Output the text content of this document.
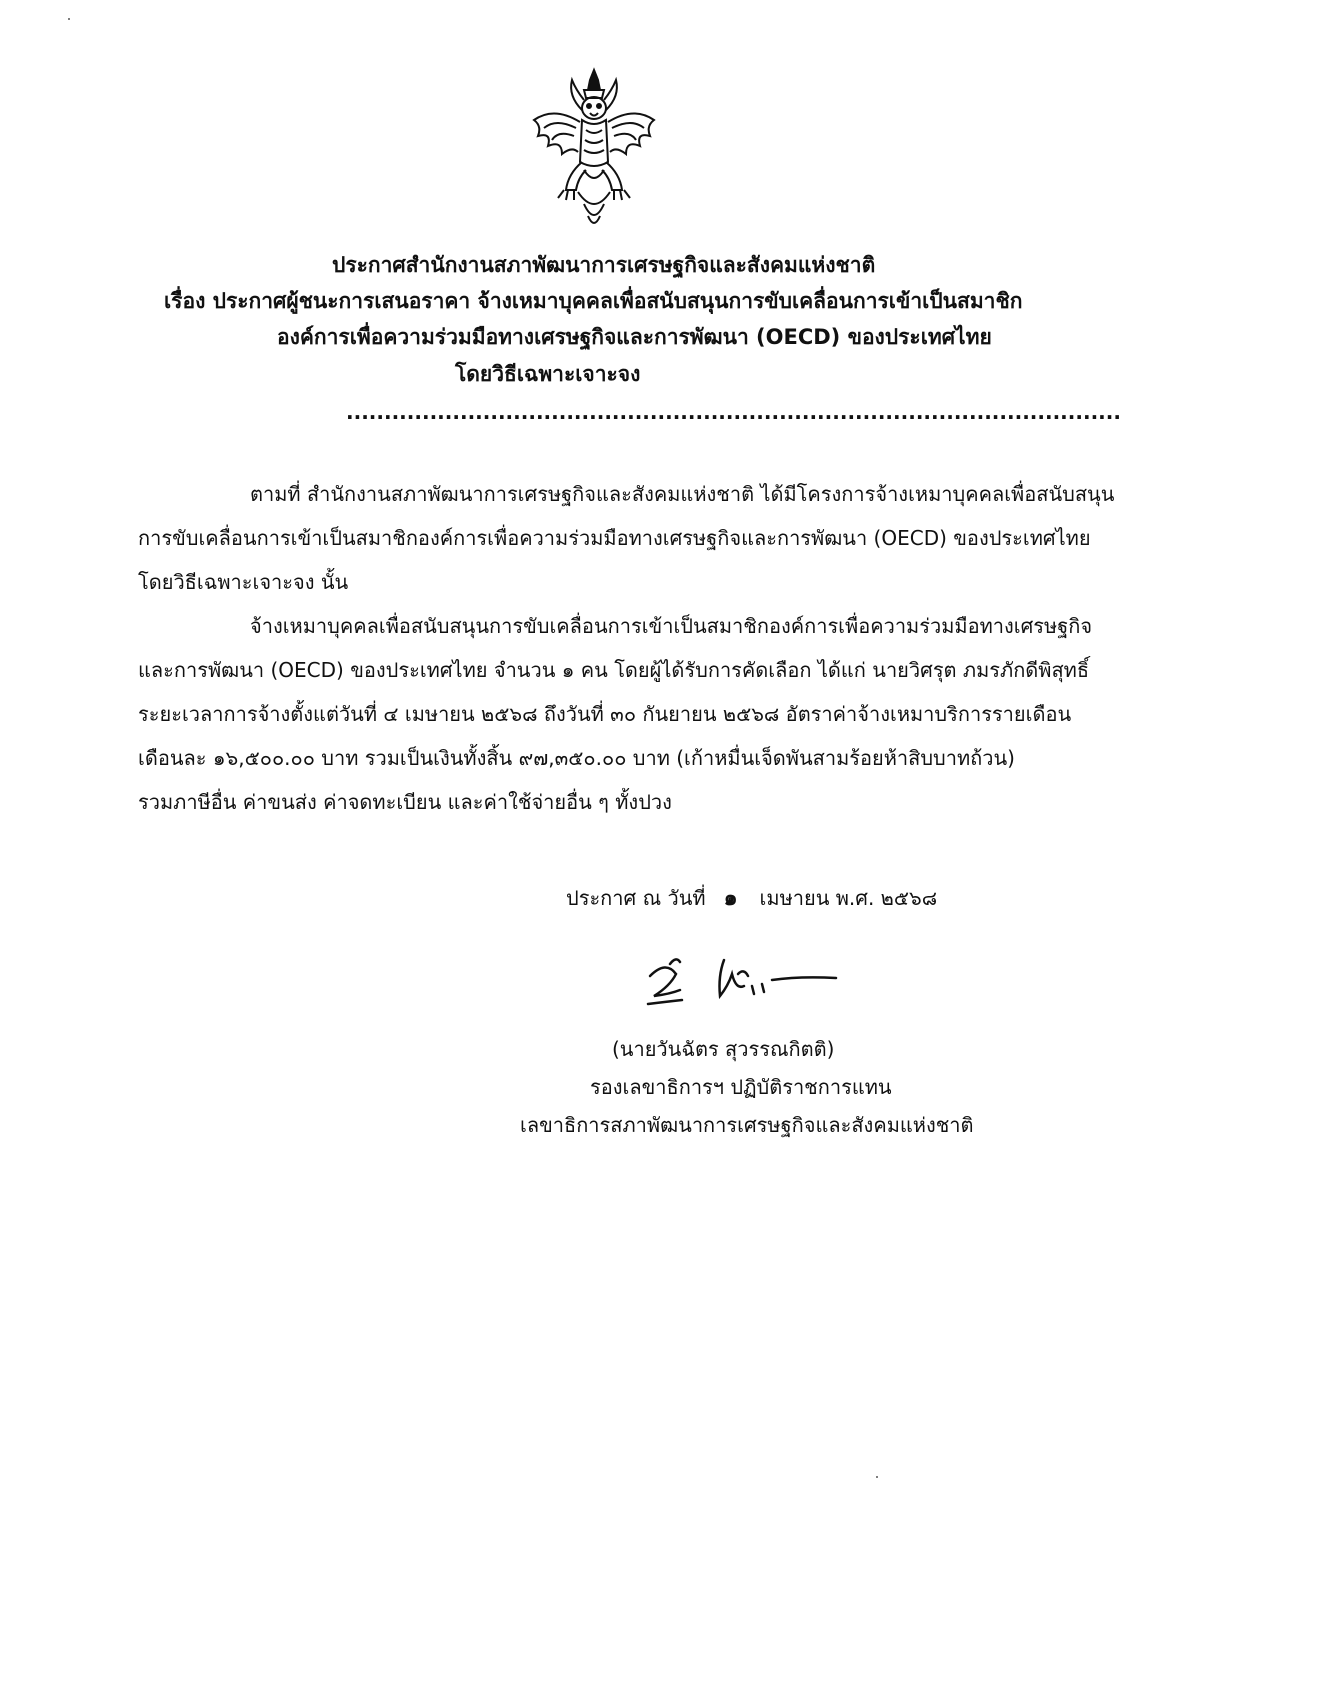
ประกาศสำนักงานสภาพัฒนาการเศรษฐกิจและสังคมแห่งชาติ
เรื่อง ประกาศผู้ชนะการเสนอราคา จ้างเหมาบุคคลเพื่อสนับสนุนการขับเคลื่อนการเข้าเป็นสมาชิก
องค์การเพื่อความร่วมมือทางเศรษฐกิจและการพัฒนา (OECD) ของประเทศไทย
โดยวิธีเฉพาะเจาะจง
......................................................................................................
ตามที่ สำนักงานสภาพัฒนาการเศรษฐกิจและสังคมแห่งชาติ ได้มีโครงการจ้างเหมาบุคคลเพื่อสนับสนุน
การขับเคลื่อนการเข้าเป็นสมาชิกองค์การเพื่อความร่วมมือทางเศรษฐกิจและการพัฒนา (OECD) ของประเทศไทย
โดยวิธีเฉพาะเจาะจง นั้น
จ้างเหมาบุคคลเพื่อสนับสนุนการขับเคลื่อนการเข้าเป็นสมาชิกองค์การเพื่อความร่วมมือทางเศรษฐกิจ
และการพัฒนา (OECD) ของประเทศไทย จำนวน ๑ คน โดยผู้ได้รับการคัดเลือก ได้แก่ นายวิศรุต ภมรภักดีพิสุทธิ์
ระยะเวลาการจ้างตั้งแต่วันที่ ๔ เมษายน ๒๕๖๘ ถึงวันที่ ๓๐ กันยายน ๒๕๖๘ อัตราค่าจ้างเหมาบริการรายเดือน
เดือนละ ๑๖,๕๐๐.๐๐ บาท รวมเป็นเงินทั้งสิ้น ๙๗,๓๕๐.๐๐ บาท (เก้าหมื่นเจ็ดพันสามร้อยห้าสิบบาทถ้วน)
รวมภาษีอื่น ค่าขนส่ง ค่าจดทะเบียน และค่าใช้จ่ายอื่น ๆ ทั้งปวง
ประกาศ ณ วันที่ ๑ เมษายน พ.ศ. ๒๕๖๘
(นายวันฉัตร สุวรรณกิตติ)
รองเลขาธิการฯ ปฏิบัติราชการแทน
เลขาธิการสภาพัฒนาการเศรษฐกิจและสังคมแห่งชาติ
